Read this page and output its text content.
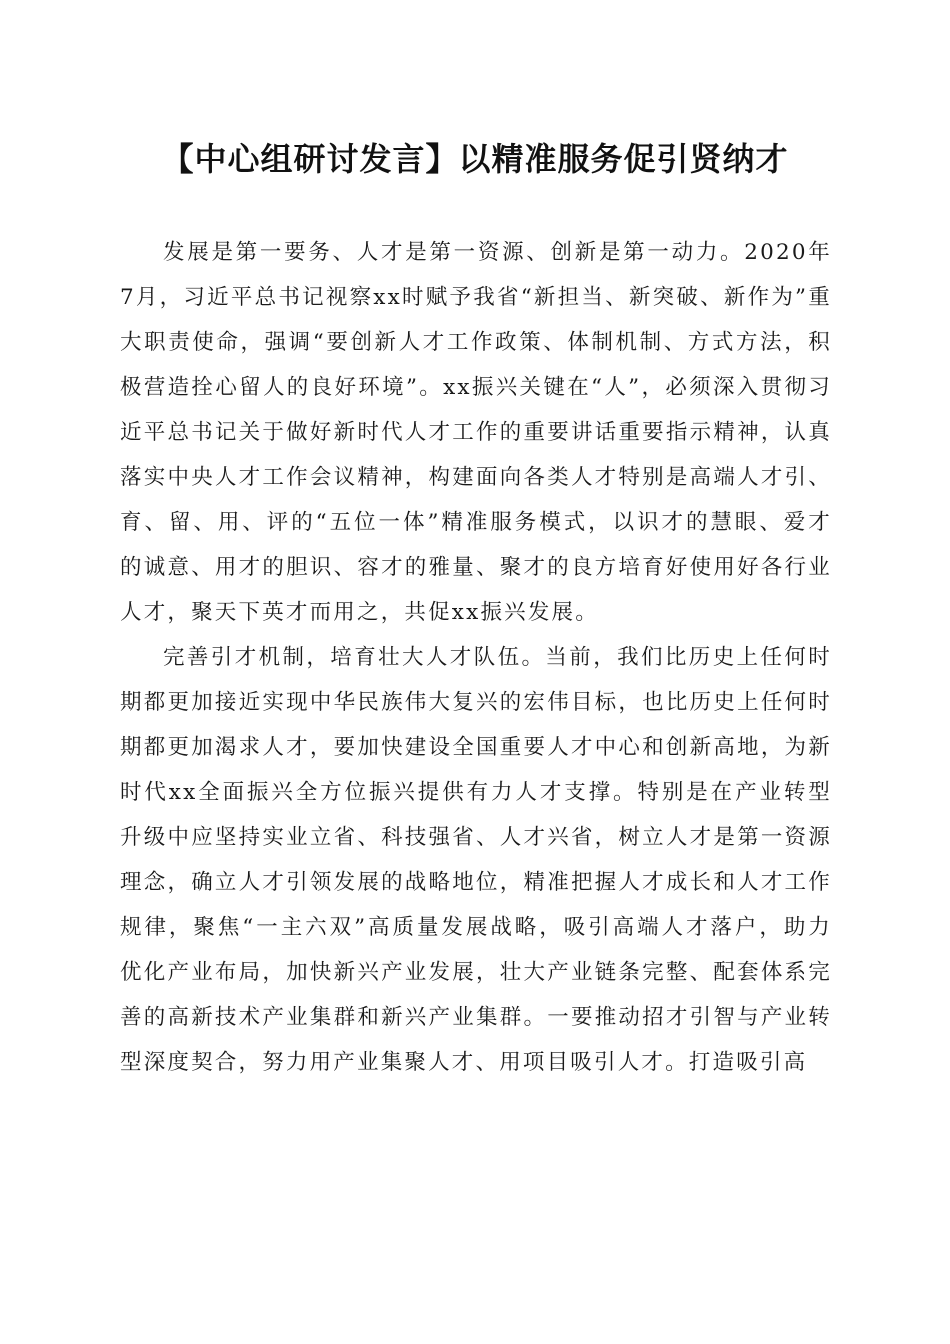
【中心组研讨发言】以精准服务促引贤纳才

发展是第一要务、人才是第一资源、创新是第一动力。2020年7月，习近平总书记视察xx时赋予我省“新担当、新突破、新作为”重大职责使命，强调“要创新人才工作政策、体制机制、方式方法，积极营造拴心留人的良好环境”。xx振兴关键在“人”，必须深入贯彻习近平总书记关于做好新时代人才工作的重要讲话重要指示精神，认真落实中央人才工作会议精神，构建面向各类人才特别是高端人才引、育、留、用、评的“五位一体”精准服务模式，以识才的慧眼、爱才的诚意、用才的胆识、容才的雅量、聚才的良方培育好使用好各行业人才，聚天下英才而用之，共促xx振兴发展。

完善引才机制，培育壮大人才队伍。当前，我们比历史上任何时期都更加接近实现中华民族伟大复兴的宏伟目标，也比历史上任何时期都更加渴求人才，要加快建设全国重要人才中心和创新高地，为新时代xx全面振兴全方位振兴提供有力人才支撑。特别是在产业转型升级中应坚持实业立省、科技强省、人才兴省，树立人才是第一资源理念，确立人才引领发展的战略地位，精准把握人才成长和人才工作规律，聚焦“一主六双”高质量发展战略，吸引高端人才落户，助力优化产业布局，加快新兴产业发展，壮大产业链条完整、配套体系完善的高新技术产业集群和新兴产业集群。一要推动招才引智与产业转型深度契合，努力用产业集聚人才、用项目吸引人才。打造吸引高
